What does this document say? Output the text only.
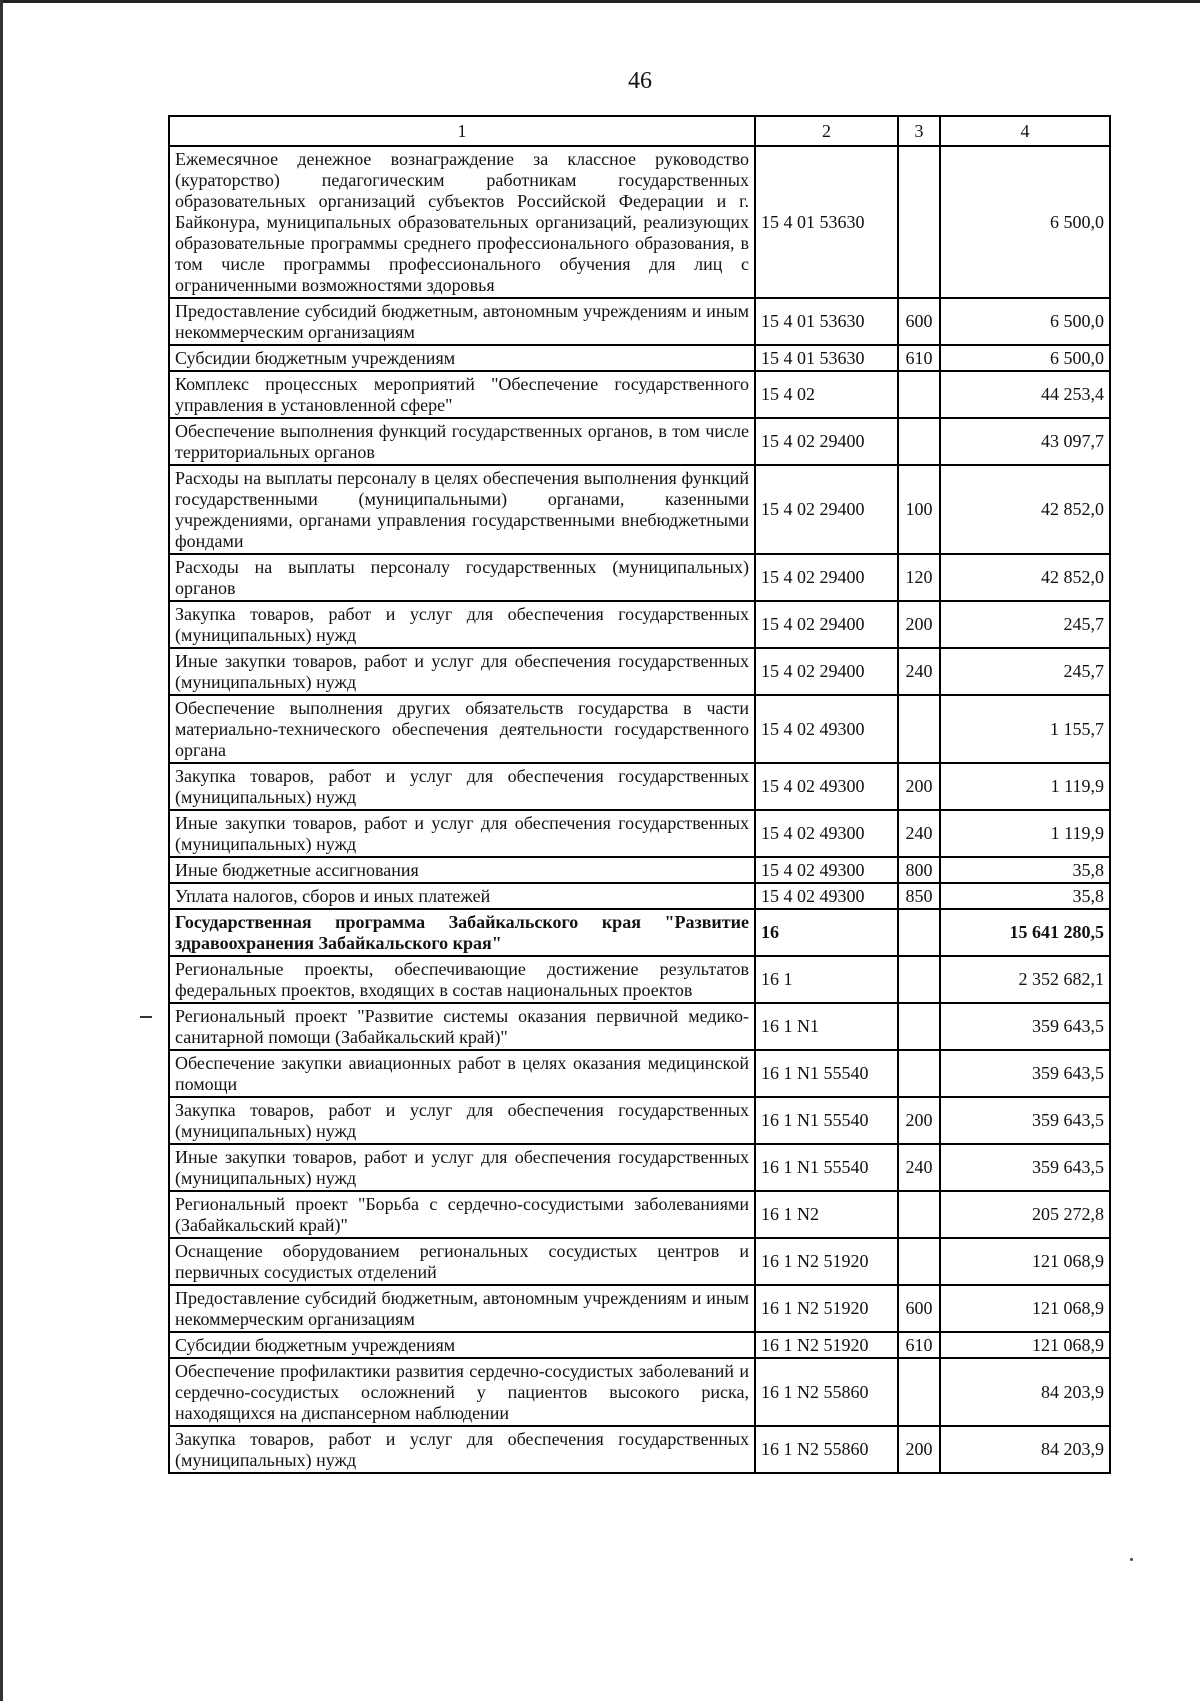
46
1	2	3	4
Ежемесячное денежное вознаграждение за классное руководство (кураторство) педагогическим работникам государственных образовательных организаций субъектов Российской Федерации и г. Байконура, муниципальных образовательных организаций, реализующих образовательные программы среднего профессионального образования, в том числе программы профессионального обучения для лиц с ограниченными возможностями здоровья	15 4 01 53630		6 500,0
Предоставление субсидий бюджетным, автономным учреждениям и иным некоммерческим организациям	15 4 01 53630	600	6 500,0
Субсидии бюджетным учреждениям	15 4 01 53630	610	6 500,0
Комплекс процессных мероприятий "Обеспечение государственного управления в установленной сфере"	15 4 02		44 253,4
Обеспечение выполнения функций государственных органов, в том числе территориальных органов	15 4 02 29400		43 097,7
Расходы на выплаты персоналу в целях обеспечения выполнения функций государственными (муниципальными) органами, казенными учреждениями, органами управления государственными внебюджетными фондами	15 4 02 29400	100	42 852,0
Расходы на выплаты персоналу государственных (муниципальных) органов	15 4 02 29400	120	42 852,0
Закупка товаров, работ и услуг для обеспечения государственных (муниципальных) нужд	15 4 02 29400	200	245,7
Иные закупки товаров, работ и услуг для обеспечения государственных (муниципальных) нужд	15 4 02 29400	240	245,7
Обеспечение выполнения других обязательств государства в части материально-технического обеспечения деятельности государственного органа	15 4 02 49300		1 155,7
Закупка товаров, работ и услуг для обеспечения государственных (муниципальных) нужд	15 4 02 49300	200	1 119,9
Иные закупки товаров, работ и услуг для обеспечения государственных (муниципальных) нужд	15 4 02 49300	240	1 119,9
Иные бюджетные ассигнования	15 4 02 49300	800	35,8
Уплата налогов, сборов и иных платежей	15 4 02 49300	850	35,8
Государственная программа Забайкальского края "Развитие здравоохранения Забайкальского края"	16		15 641 280,5
Региональные проекты, обеспечивающие достижение результатов федеральных проектов, входящих в состав национальных проектов	16 1		2 352 682,1
Региональный проект "Развитие системы оказания первичной медико-санитарной помощи (Забайкальский край)"	16 1 N1		359 643,5
Обеспечение закупки авиационных работ в целях оказания медицинской помощи	16 1 N1 55540		359 643,5
Закупка товаров, работ и услуг для обеспечения государственных (муниципальных) нужд	16 1 N1 55540	200	359 643,5
Иные закупки товаров, работ и услуг для обеспечения государственных (муниципальных) нужд	16 1 N1 55540	240	359 643,5
Региональный проект "Борьба с сердечно-сосудистыми заболеваниями (Забайкальский край)"	16 1 N2		205 272,8
Оснащение оборудованием региональных сосудистых центров и первичных сосудистых отделений	16 1 N2 51920		121 068,9
Предоставление субсидий бюджетным, автономным учреждениям и иным некоммерческим организациям	16 1 N2 51920	600	121 068,9
Субсидии бюджетным учреждениям	16 1 N2 51920	610	121 068,9
Обеспечение профилактики развития сердечно-сосудистых заболеваний и сердечно-сосудистых осложнений у пациентов высокого риска, находящихся на диспансерном наблюдении	16 1 N2 55860		84 203,9
Закупка товаров, работ и услуг для обеспечения государственных (муниципальных) нужд	16 1 N2 55860	200	84 203,9
